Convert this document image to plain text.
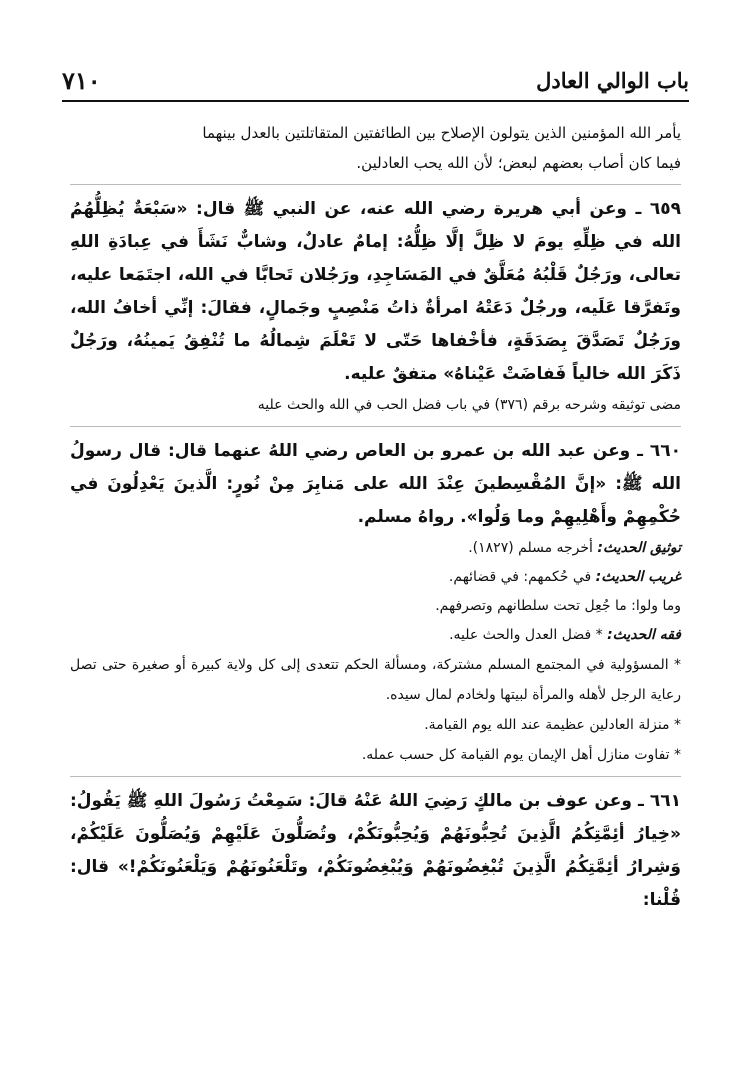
باب الوالي العادل
٧١٠

يأمر الله المؤمنين الذين يتولون الإصلاح بين الطائفتين المتقاتلتين بالعدل بينهما

فيما كان أصاب بعضهم لبعض؛ لأن الله يحب العادلين.

٦٥٩ ـ وعن أبي هريرة رضي الله عنه، عن النبي ﷺ قال: «سَبْعَةٌ يُظِلُّهُمُ الله في ظِلِّهِ يومَ لا ظِلَّ إلَّا ظِلُّهُ: إمامٌ عادلٌ، وشابٌّ نَشَأَ في عِبادَةِ اللهِ تعالى، ورَجُلٌ قَلْبُهُ مُعَلَّقٌ في المَسَاجِدِ، ورَجُلان تَحابَّا في الله، اجتَمَعا عليه، وتَفرَّقا عَلَيه، ورجُلٌ دَعَتْهُ امرأةٌ ذاتُ مَنْصِبٍ وجَمالٍ، فقالَ: إنِّي أخافُ الله، ورَجُلٌ تَصَدَّقَ بِصَدَقَةٍ، فأخْفاها حَتّى لا تَعْلَمَ شِمالُهُ ما تُنْفِقُ يَمينُهُ، ورَجُلٌ ذَكَرَ الله خالياً فَفاضَتْ عَيْناهُ» متفقٌ عليه.

مضى توثيقه وشرحه برقم (٣٧٦) في باب فضل الحب في الله والحث عليه

٦٦٠ ـ وعن عبد الله بن عمرو بن العاص رضي اللهُ عنهما قال: قال رسولُ الله ﷺ: «إنَّ المُقْسِطينَ عِنْدَ الله على مَنابِرَ مِنْ نُورٍ: الَّذينَ يَعْدِلُونَ في حُكْمِهِمْ وأَهْلِيهِمْ وما وَلُوا». رواهُ مسلم.

توثيق الحديث: أخرجه مسلم (١٨٢٧).

غريب الحديث: في حُكمهم: في قضائهم.

وما ولوا: ما جُعِل تحت سلطانهم وتصرفهم.

فقه الحديث: * فضل العدل والحث عليه.

* المسؤولية في المجتمع المسلم مشتركة، ومسألة الحكم تتعدى إلى كل ولاية كبيرة أو صغيرة حتى تصل رعاية الرجل لأهله والمرأة لبيتها ولخادم لمال سيده.

* منزلة العادلين عظيمة عند الله يوم القيامة.

* تفاوت منازل أهل الإيمان يوم القيامة كل حسب عمله.

٦٦١ ـ وعن عوف بن مالكٍ رَضِيَ اللهُ عَنْهُ قالَ: سَمِعْتُ رَسُولَ اللهِ ﷺ يَقُولُ: «خِيارُ أئِمَّتِكُمُ الَّذِينَ تُحِبُّونَهُمْ وَيُحِبُّونَكُمْ، وتُصَلُّونَ عَلَيْهِمْ وَيُصَلُّونَ عَلَيْكُمْ، وَشِرارُ أئِمَّتِكُمُ الَّذِينَ تُبْغِضُونَهُمْ وَيُبْغِضُونَكُمْ، وتَلْعَنُونَهُمْ وَيَلْعَنُونَكُمْ!» قال: قُلْنا:
